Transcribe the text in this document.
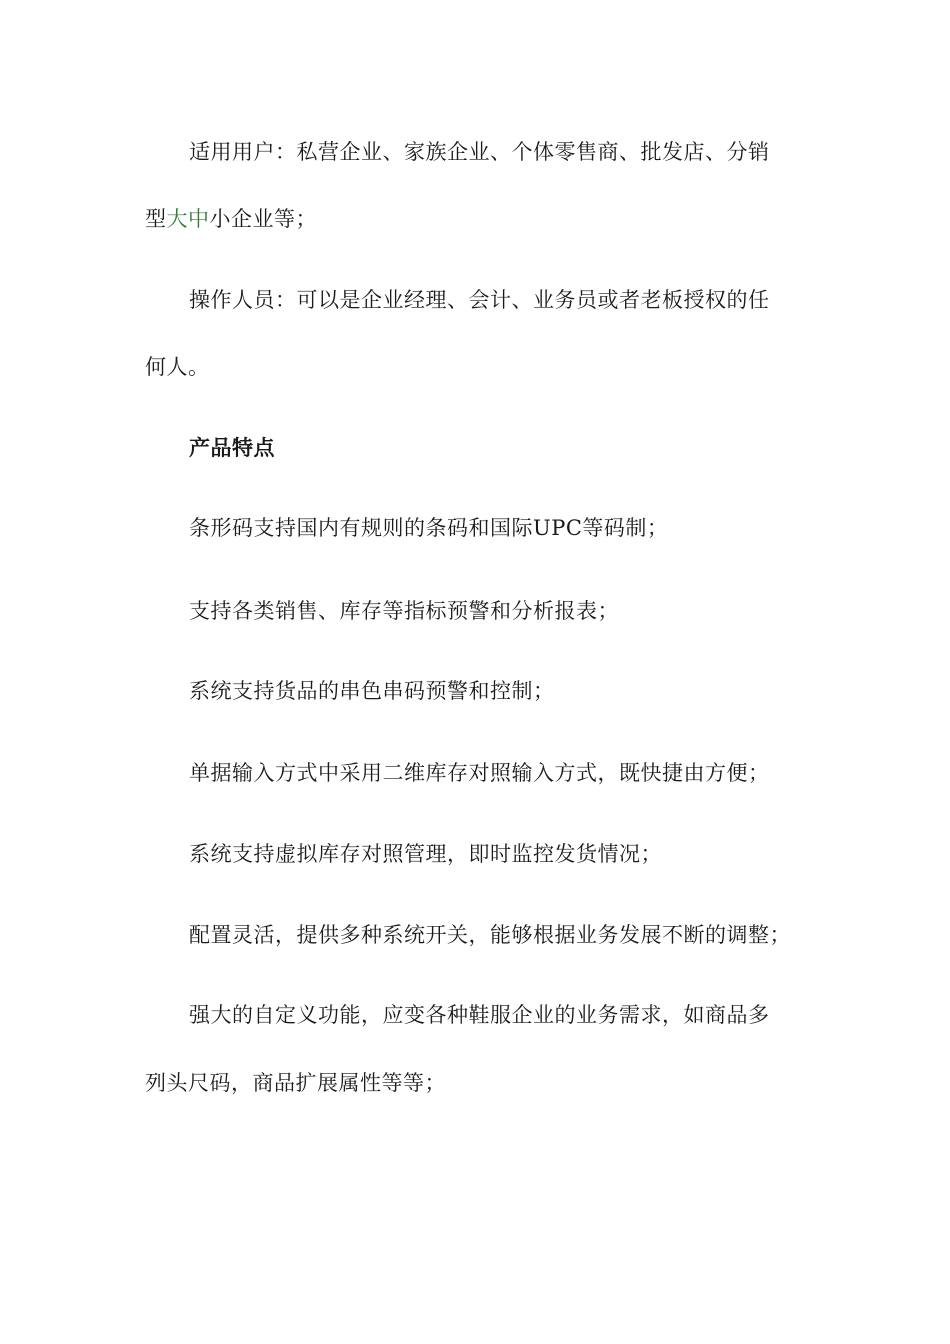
适用用户：私营企业、家族企业、个体零售商、批发店、分销
型大中小企业等；
操作人员：可以是企业经理、会计、业务员或者老板授权的任
何人。
产品特点
条形码支持国内有规则的条码和国际UPC等码制；
支持各类销售、库存等指标预警和分析报表；
系统支持货品的串色串码预警和控制；
单据输入方式中采用二维库存对照输入方式，既快捷由方便；
系统支持虚拟库存对照管理，即时监控发货情况；
配置灵活，提供多种系统开关，能够根据业务发展不断的调整；
强大的自定义功能，应变各种鞋服企业的业务需求，如商品多
列头尺码，商品扩展属性等等；
